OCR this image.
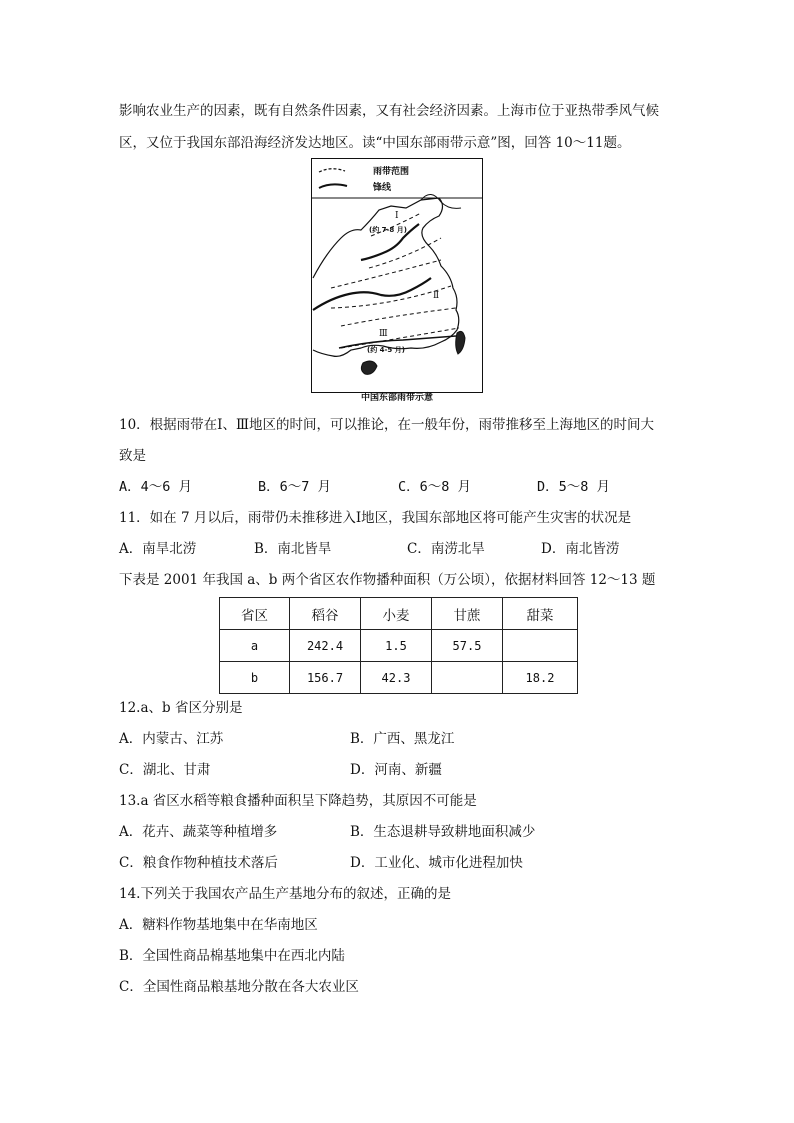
影响农业生产的因素，既有自然条件因素，又有社会经济因素。上海市位于亚热带季风气候
区，又位于我国东部沿海经济发达地区。读“中国东部雨带示意”图，回答 10～11题。
雨带范围
锋线
Ⅰ
(约 7-8 月)
Ⅱ
Ⅲ
(约 4-5 月)
中国东部雨带示意
10．根据雨带在Ⅰ、Ⅲ地区的时间，可以推论，在一般年份，雨带推移至上海地区的时间大
致是
A．4～6 月	B．6～7 月	C．6～8 月	D．5～8 月
11．如在 7 月以后，雨带仍未推移进入Ⅰ地区，我国东部地区将可能产生灾害的状况是
A．南旱北涝	B．南北皆旱	C．南涝北旱	D．南北皆涝
下表是 2001 年我国 a、b 两个省区农作物播种面积（万公顷），依据材料回答 12～13 题
省区	稻谷	小麦	甘蔗	甜菜
a	242.4	1.5	57.5	
b	156.7	42.3		18.2
12.a、b 省区分别是
A．内蒙古、江苏	B．广西、黑龙江
C．湖北、甘肃	D．河南、新疆
13.a 省区水稻等粮食播种面积呈下降趋势，其原因不可能是
A．花卉、蔬菜等种植增多	B．生态退耕导致耕地面积减少
C．粮食作物种植技术落后	D．工业化、城市化进程加快
14.下列关于我国农产品生产基地分布的叙述，正确的是
A．糖料作物基地集中在华南地区
B．全国性商品棉基地集中在西北内陆
C．全国性商品粮基地分散在各大农业区
